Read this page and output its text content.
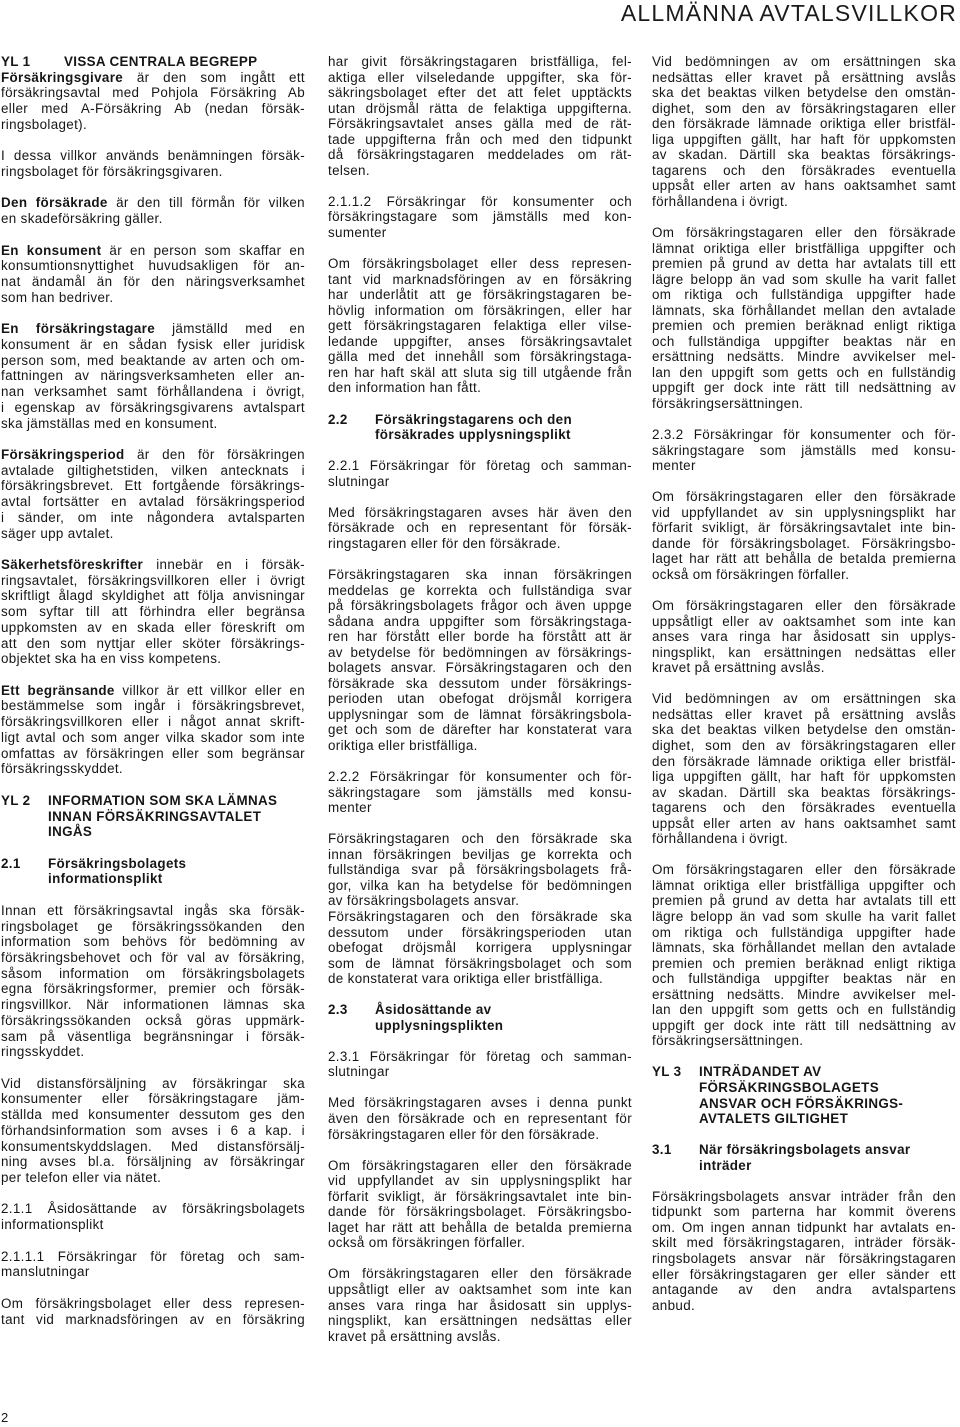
ALLMÄNNA AVTALSVILLKOR
YL 1	VISSA CENTRALA BEGREPP
Försäkringsgivare är den som ingått ett
försäkringsavtal med Pohjola Försäkring Ab
eller med A-Försäkring Ab (nedan försäk-
ringsbolaget).
I dessa villkor används benämningen försäk-
ringsbolaget för försäkringsgivaren.
Den försäkrade är den till förmån för vilken
en skadeförsäkring gäller.
En konsument är en person som skaffar en
konsumtionsnyttighet huvudsakligen för an-
nat ändamål än för den näringsverksamhet
som han bedriver.
En försäkringstagare jämställd med en
konsument är en sådan fysisk eller juridisk
person som, med beaktande av arten och om-
fattningen av näringsverksamheten eller an-
nan verksamhet samt förhållandena i övrigt,
i egenskap av försäkringsgivarens avtalspart
ska jämställas med en konsument.
Försäkringsperiod är den för försäkringen
avtalade giltighetstiden, vilken antecknats i
försäkringsbrevet. Ett fortgående försäkrings-
avtal fortsätter en avtalad försäkringsperiod
i sänder, om inte någondera avtalsparten
säger upp avtalet.
Säkerhetsföreskrifter innebär en i försäk-
ringsavtalet, försäkringsvillkoren eller i övrigt
skriftligt ålagd skyldighet att följa anvisningar
som syftar till att förhindra eller begränsa
uppkomsten av en skada eller föreskrift om
att den som nyttjar eller sköter försäkrings-
objektet ska ha en viss kompetens.
Ett begränsande villkor är ett villkor eller en
bestämmelse som ingår i försäkringsbrevet,
försäkringsvillkoren eller i något annat skrift-
ligt avtal och som anger vilka skador som inte
omfattas av försäkringen eller som begränsar
försäkringsskyddet.
YL 2	INFORMATION SOM SKA LÄMNAS
INNAN FÖRSÄKRINGSAVTALET
INGÅS
2.1	Försäkringsbolagets
informationsplikt
Innan ett försäkringsavtal ingås ska försäk-
ringsbolaget ge försäkringssökanden den
information som behövs för bedömning av
försäkringsbehovet och för val av försäkring,
såsom information om försäkringsbolagets
egna försäkringsformer, premier och försäk-
ringsvillkor. När informationen lämnas ska
försäkringssökanden också göras uppmärk-
sam på väsentliga begränsningar i försäk-
ringsskyddet.
Vid distansförsäljning av försäkringar ska
konsumenter eller försäkringstagare jäm-
ställda med konsumenter dessutom ges den
förhandsinformation som avses i 6 a kap. i
konsumentskyddslagen. Med distansförsälj-
ning avses bl.a. försäljning av försäkringar
per telefon eller via nätet.
2.1.1 Åsidosättande av försäkringsbolagets
informationsplikt
2.1.1.1 Försäkringar för företag och sam-
manslutningar
Om försäkringsbolaget eller dess represen-
tant vid marknadsföringen av en försäkring
har givit försäkringstagaren bristfälliga, fel-
aktiga eller vilseledande uppgifter, ska för-
säkringsbolaget efter det att felet upptäckts
utan dröjsmål rätta de felaktiga uppgifterna.
Försäkringsavtalet anses gälla med de rät-
tade uppgifterna från och med den tidpunkt
då försäkringstagaren meddelades om rät-
telsen.
2.1.1.2 Försäkringar för konsumenter och
försäkringstagare som jämställs med kon-
sumenter
Om försäkringsbolaget eller dess represen-
tant vid marknadsföringen av en försäkring
har underlåtit att ge försäkringstagaren be-
hövlig information om försäkringen, eller har
gett försäkringstagaren felaktiga eller vilse-
ledande uppgifter, anses försäkringsavtalet
gälla med det innehåll som försäkringstaga-
ren har haft skäl att sluta sig till utgående från
den information han fått.
2.2	Försäkringstagarens och den
försäkrades upplysningsplikt
2.2.1 Försäkringar för företag och samman-
slutningar
Med försäkringstagaren avses här även den
försäkrade och en representant för försäk-
ringstagaren eller för den försäkrade.
Försäkringstagaren ska innan försäkringen
meddelas ge korrekta och fullständiga svar
på försäkringsbolagets frågor och även uppge
sådana andra uppgifter som försäkringstaga-
ren har förstått eller borde ha förstått att är
av betydelse för bedömningen av försäkrings-
bolagets ansvar. Försäkringstagaren och den
försäkrade ska dessutom under försäkrings-
perioden utan obefogat dröjsmål korrigera
upplysningar som de lämnat försäkringsbola-
get och som de därefter har konstaterat vara
oriktiga eller bristfälliga.
2.2.2 Försäkringar för konsumenter och för-
säkringstagare som jämställs med konsu-
menter
Försäkringstagaren och den försäkrade ska
innan försäkringen beviljas ge korrekta och
fullständiga svar på försäkringsbolagets frå-
gor, vilka kan ha betydelse för bedömningen
av försäkringsbolagets ansvar.
Försäkringstagaren och den försäkrade ska
dessutom under försäkringsperioden utan
obefogat dröjsmål korrigera upplysningar
som de lämnat försäkringsbolaget och som
de konstaterat vara oriktiga eller bristfälliga.
2.3	Åsidosättande av
upplysningsplikten
2.3.1 Försäkringar för företag och samman-
slutningar
Med försäkringstagaren avses i denna punkt
även den försäkrade och en representant för
försäkringstagaren eller för den försäkrade.
Om försäkringstagaren eller den försäkrade
vid uppfyllandet av sin upplysningsplikt har
förfarit svikligt, är försäkringsavtalet inte bin-
dande för försäkringsbolaget. Försäkringsbo-
laget har rätt att behålla de betalda premierna
också om försäkringen förfaller.
Om försäkringstagaren eller den försäkrade
uppsåtligt eller av oaktsamhet som inte kan
anses vara ringa har åsidosatt sin upplys-
ningsplikt, kan ersättningen nedsättas eller
kravet på ersättning avslås.
Vid bedömningen av om ersättningen ska
nedsättas eller kravet på ersättning avslås
ska det beaktas vilken betydelse den omstän-
dighet, som den av försäkringstagaren eller
den försäkrade lämnade oriktiga eller bristfäl-
liga uppgiften gällt, har haft för uppkomsten
av skadan. Därtill ska beaktas försäkrings-
tagarens och den försäkrades eventuella
uppsåt eller arten av hans oaktsamhet samt
förhållandena i övrigt.
Om försäkringstagaren eller den försäkrade
lämnat oriktiga eller bristfälliga uppgifter och
premien på grund av detta har avtalats till ett
lägre belopp än vad som skulle ha varit fallet
om riktiga och fullständiga uppgifter hade
lämnats, ska förhållandet mellan den avtalade
premien och premien beräknad enligt riktiga
och fullständiga uppgifter beaktas när en
ersättning nedsätts. Mindre avvikelser mel-
lan den uppgift som getts och en fullständig
uppgift ger dock inte rätt till nedsättning av
försäkringsersättningen.
2.3.2 Försäkringar för konsumenter och för-
säkringstagare som jämställs med konsu-
menter
Om försäkringstagaren eller den försäkrade
vid uppfyllandet av sin upplysningsplikt har
förfarit svikligt, är försäkringsavtalet inte bin-
dande för försäkringsbolaget. Försäkringsbo-
laget har rätt att behålla de betalda premierna
också om försäkringen förfaller.
Om försäkringstagaren eller den försäkrade
uppsåtligt eller av oaktsamhet som inte kan
anses vara ringa har åsidosatt sin upplys-
ningsplikt, kan ersättningen nedsättas eller
kravet på ersättning avslås.
Vid bedömningen av om ersättningen ska
nedsättas eller kravet på ersättning avslås
ska det beaktas vilken betydelse den omstän-
dighet, som den av försäkringstagaren eller
den försäkrade lämnade oriktiga eller bristfäl-
liga uppgiften gällt, har haft för uppkomsten
av skadan. Därtill ska beaktas försäkrings-
tagarens och den försäkrades eventuella
uppsåt eller arten av hans oaktsamhet samt
förhållandena i övrigt.
Om försäkringstagaren eller den försäkrade
lämnat oriktiga eller bristfälliga uppgifter och
premien på grund av detta har avtalats till ett
lägre belopp än vad som skulle ha varit fallet
om riktiga och fullständiga uppgifter hade
lämnats, ska förhållandet mellan den avtalade
premien och premien beräknad enligt riktiga
och fullständiga uppgifter beaktas när en
ersättning nedsätts. Mindre avvikelser mel-
lan den uppgift som getts och en fullständig
uppgift ger dock inte rätt till nedsättning av
försäkringsersättningen.
YL 3	INTRÄDANDET AV
FÖRSÄKRINGSBOLAGETS
ANSVAR OCH FÖRSÄKRINGS-
AVTALETS GILTIGHET
3.1	När försäkringsbolagets ansvar
inträder
Försäkringsbolagets ansvar inträder från den
tidpunkt som parterna har kommit överens
om. Om ingen annan tidpunkt har avtalats en-
skilt med försäkringstagaren, inträder försäk-
ringsbolagets ansvar när försäkringstagaren
eller försäkringstagaren ger eller sänder ett
antagande av den andra avtalspartens
anbud.
2
